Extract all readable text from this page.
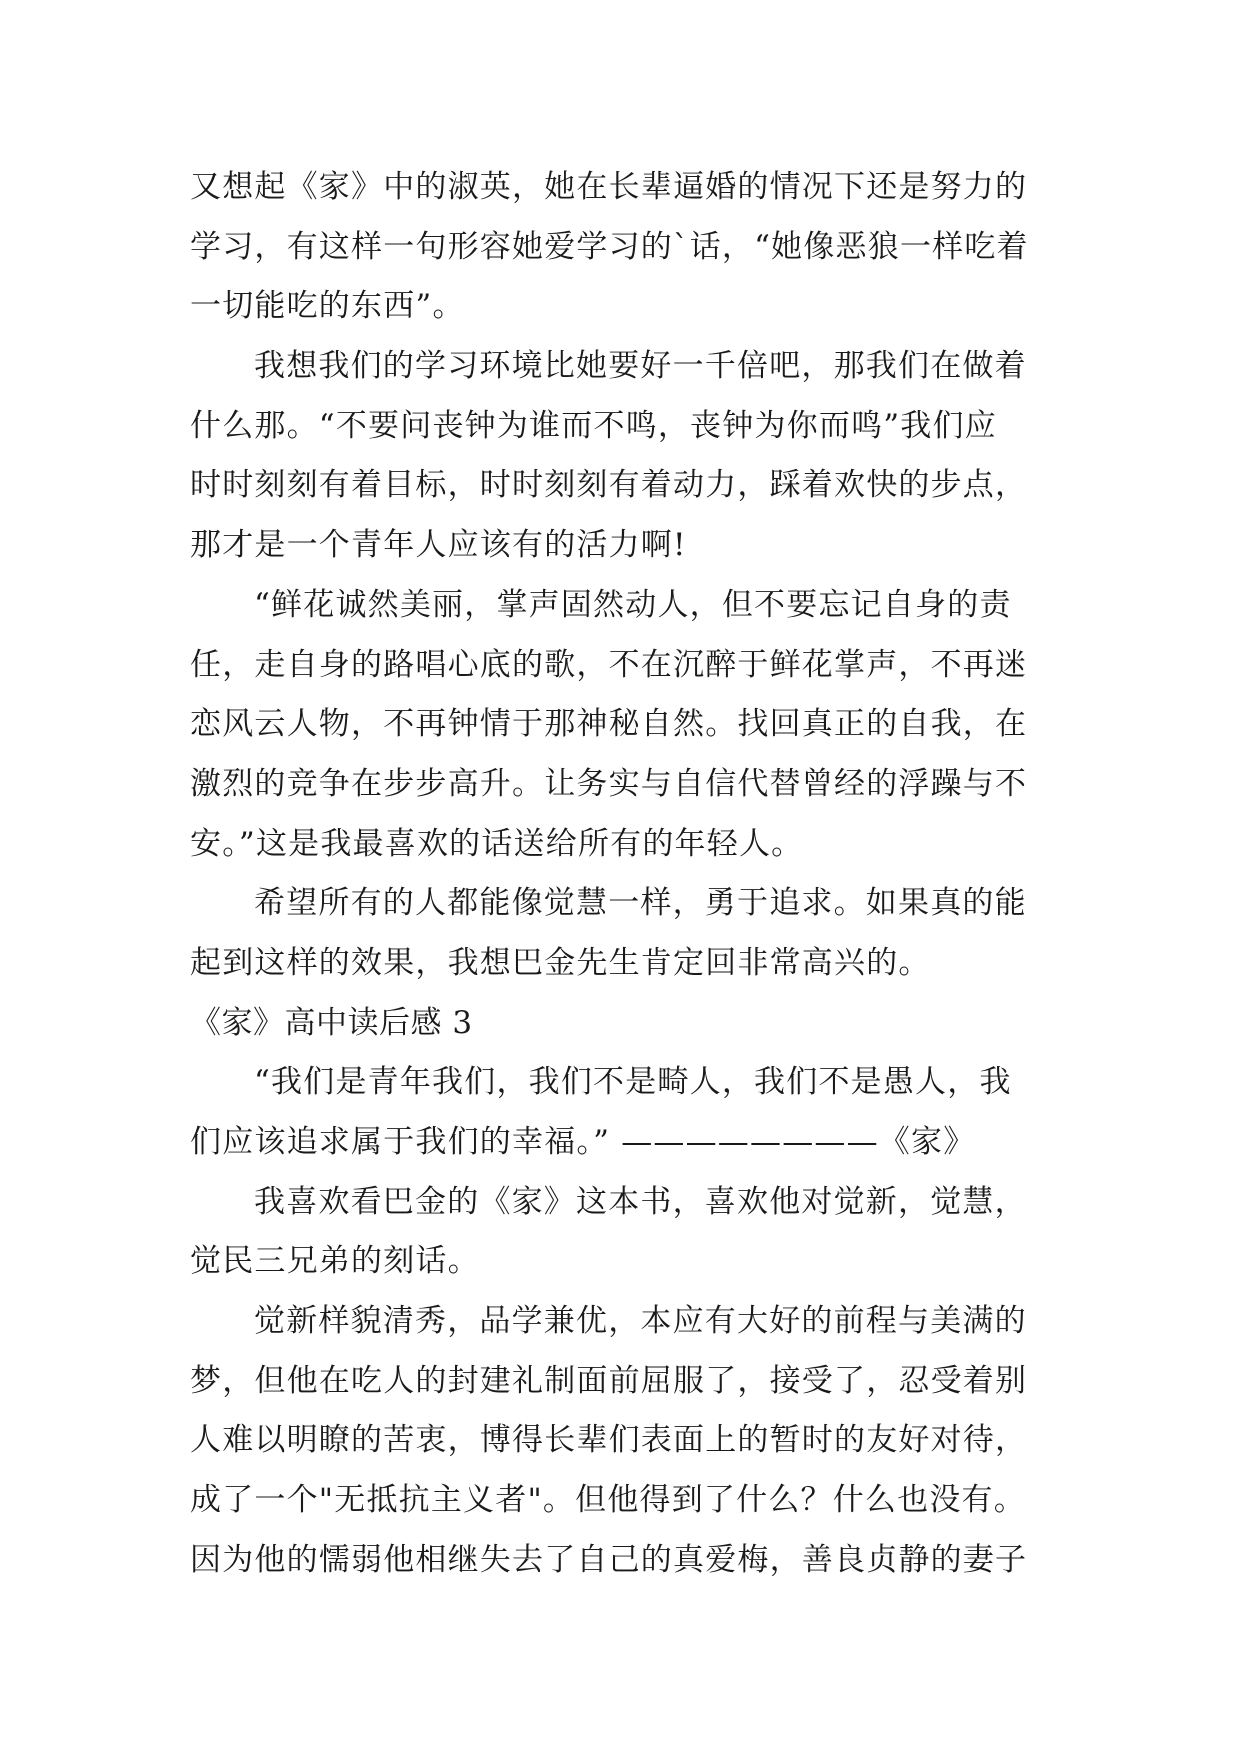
又想起《家》中的淑英，她在长辈逼婚的情况下还是努力的
学习，有这样一句形容她爱学习的`话，“她像恶狼一样吃着
一切能吃的东西”。
我想我们的学习环境比她要好一千倍吧，那我们在做着
什么那。“不要问丧钟为谁而不鸣，丧钟为你而鸣”我们应
时时刻刻有着目标，时时刻刻有着动力，踩着欢快的步点，
那才是一个青年人应该有的活力啊!
“鲜花诚然美丽，掌声固然动人，但不要忘记自身的责
任，走自身的路唱心底的歌，不在沉醉于鲜花掌声，不再迷
恋风云人物，不再钟情于那神秘自然。找回真正的自我，在
激烈的竞争在步步高升。让务实与自信代替曾经的浮躁与不
安。”这是我最喜欢的话送给所有的年轻人。
希望所有的人都能像觉慧一样，勇于追求。如果真的能
起到这样的效果，我想巴金先生肯定回非常高兴的。
《家》高中读后感 3
“我们是青年我们，我们不是畸人，我们不是愚人，我
们应该追求属于我们的幸福。” ————————《家》
我喜欢看巴金的《家》这本书，喜欢他对觉新，觉慧，
觉民三兄弟的刻话。
觉新样貌清秀，品学兼优，本应有大好的前程与美满的
梦，但他在吃人的封建礼制面前屈服了，接受了，忍受着别
人难以明瞭的苦衷，博得长辈们表面上的暂时的友好对待，
成了一个"无抵抗主义者"。但他得到了什么？什么也没有。
因为他的懦弱他相继失去了自己的真爱梅，善良贞静的妻子
